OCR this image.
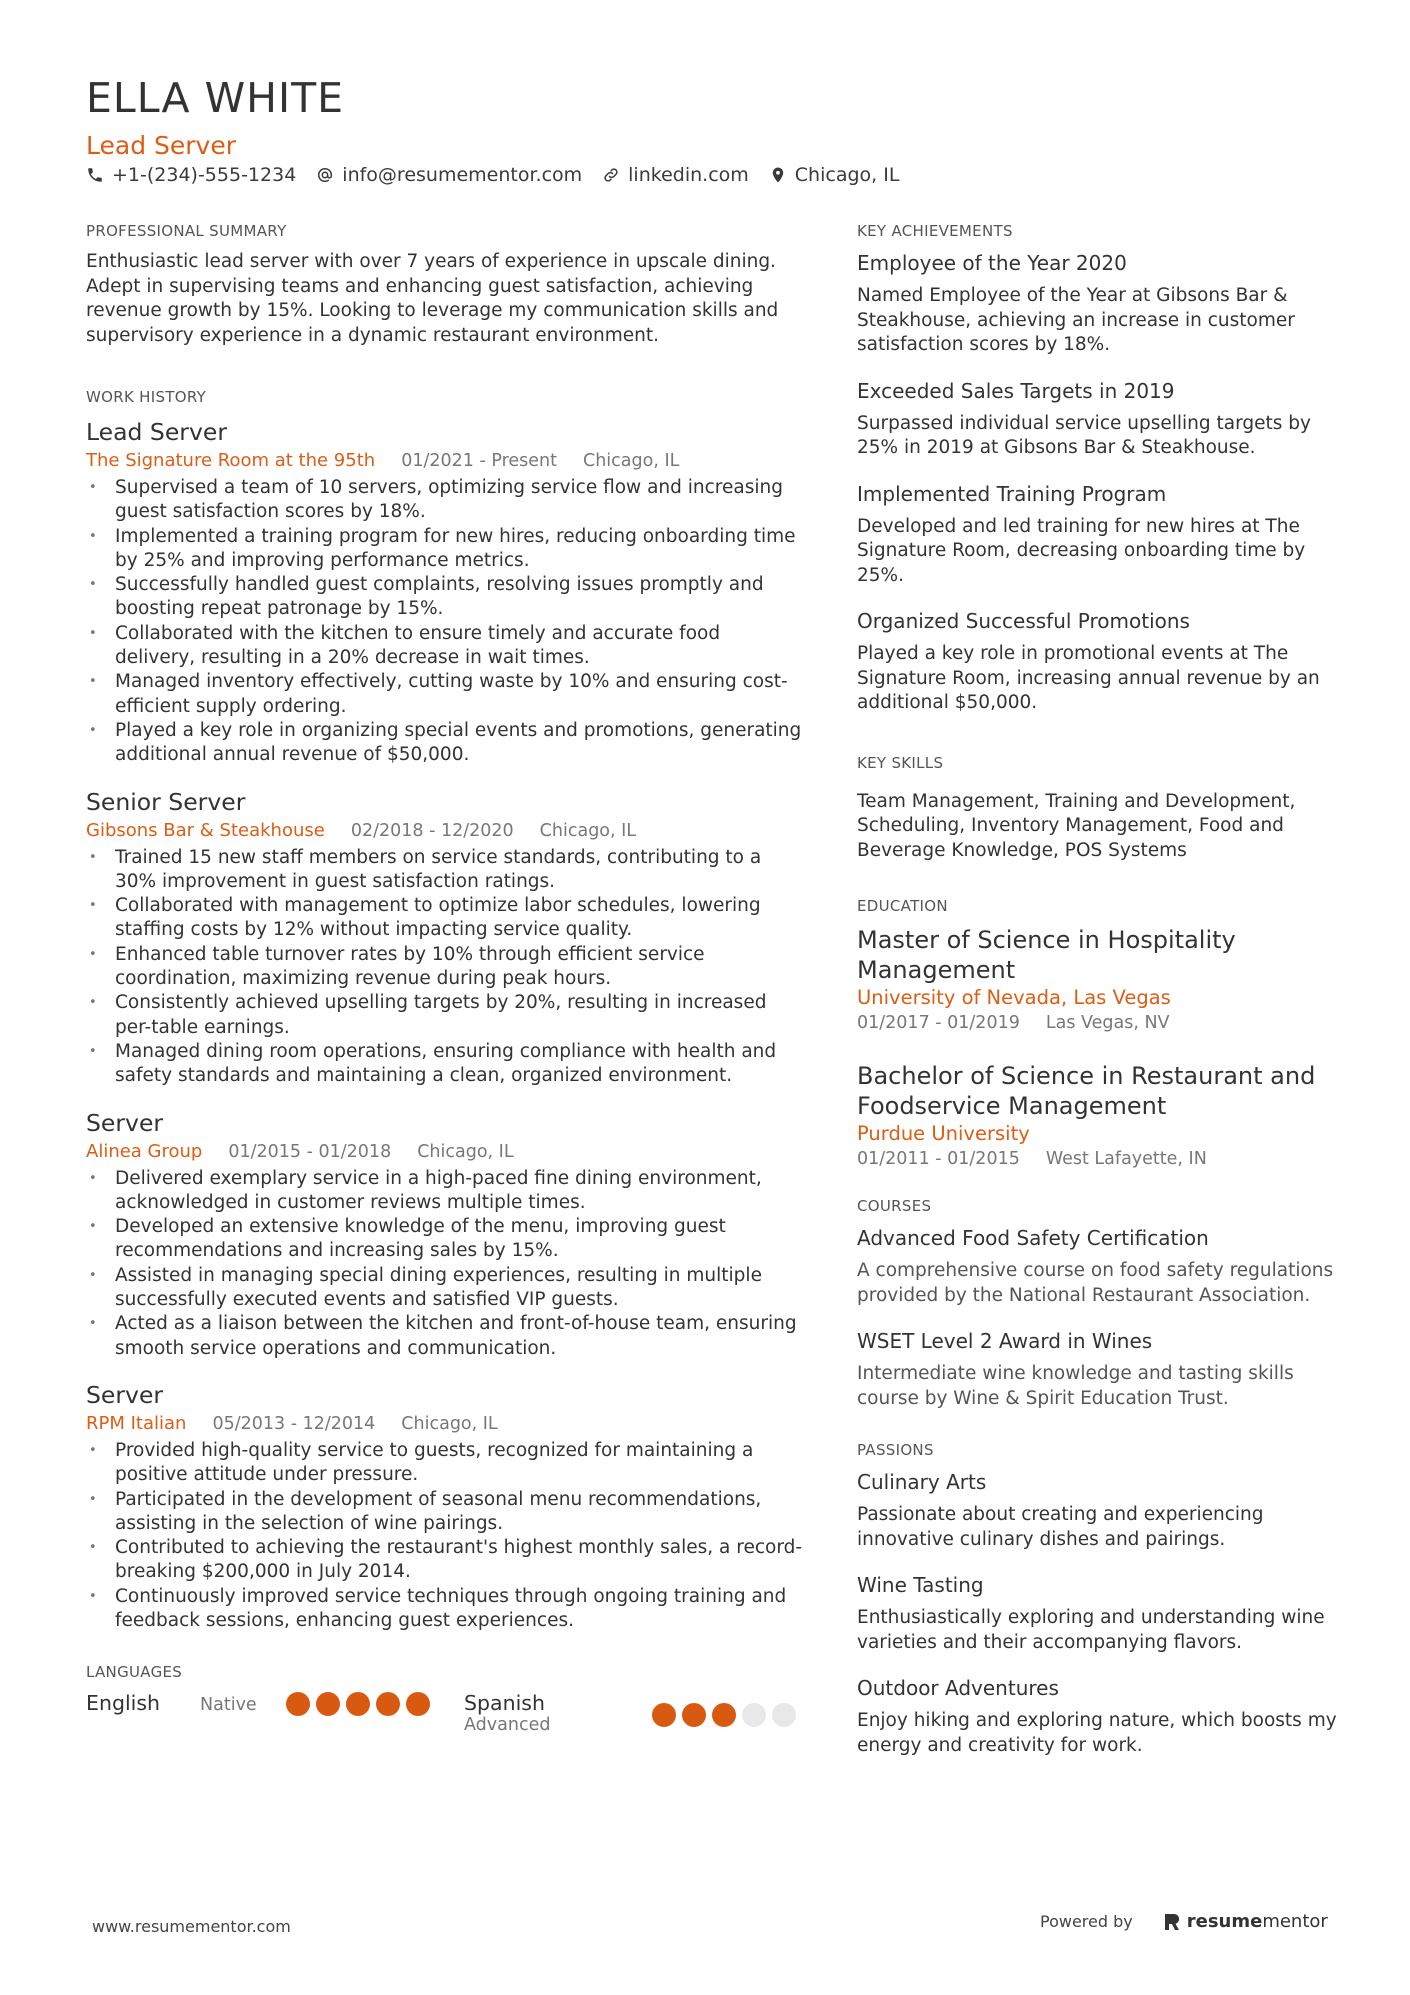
ELLA WHITE
Lead Server
+1-(234)-555-1234 info@resumementor.com linkedin.com Chicago, IL
PROFESSIONAL SUMMARY

Enthusiastic lead server with over 7 years of experience in upscale dining. Adept in supervising teams and enhancing guest satisfaction, achieving revenue growth by 15%. Looking to leverage my communication skills and supervisory experience in a dynamic restaurant environment.

WORK HISTORY
Lead Server
The Signature Room at the 95th 01/2021 - Present Chicago, IL
• Supervised a team of 10 servers, optimizing service flow and increasing guest satisfaction scores by 18%.
• Implemented a training program for new hires, reducing onboarding time by 25% and improving performance metrics.
• Successfully handled guest complaints, resolving issues promptly and boosting repeat patronage by 15%.
• Collaborated with the kitchen to ensure timely and accurate food delivery, resulting in a 20% decrease in wait times.
• Managed inventory effectively, cutting waste by 10% and ensuring cost-efficient supply ordering.
• Played a key role in organizing special events and promotions, generating additional annual revenue of $50,000.
Senior Server
Gibsons Bar & Steakhouse 02/2018 - 12/2020 Chicago, IL
• Trained 15 new staff members on service standards, contributing to a 30% improvement in guest satisfaction ratings.
• Collaborated with management to optimize labor schedules, lowering staffing costs by 12% without impacting service quality.
• Enhanced table turnover rates by 10% through efficient service coordination, maximizing revenue during peak hours.
• Consistently achieved upselling targets by 20%, resulting in increased per-table earnings.
• Managed dining room operations, ensuring compliance with health and safety standards and maintaining a clean, organized environment.
Server
Alinea Group 01/2015 - 01/2018 Chicago, IL
• Delivered exemplary service in a high-paced fine dining environment, acknowledged in customer reviews multiple times.
• Developed an extensive knowledge of the menu, improving guest recommendations and increasing sales by 15%.
• Assisted in managing special dining experiences, resulting in multiple successfully executed events and satisfied VIP guests.
• Acted as a liaison between the kitchen and front-of-house team, ensuring smooth service operations and communication.
Server
RPM Italian 05/2013 - 12/2014 Chicago, IL
• Provided high-quality service to guests, recognized for maintaining a positive attitude under pressure.
• Participated in the development of seasonal menu recommendations, assisting in the selection of wine pairings.
• Contributed to achieving the restaurant's highest monthly sales, a record-breaking $200,000 in July 2014.
• Continuously improved service techniques through ongoing training and feedback sessions, enhancing guest experiences.
LANGUAGES
English Native	Spanish
Advanced
KEY ACHIEVEMENTS
Employee of the Year 2020

Named Employee of the Year at Gibsons Bar & Steakhouse, achieving an increase in customer satisfaction scores by 18%.

Exceeded Sales Targets in 2019

Surpassed individual service upselling targets by 25% in 2019 at Gibsons Bar & Steakhouse.

Implemented Training Program

Developed and led training for new hires at The Signature Room, decreasing onboarding time by 25%.

Organized Successful Promotions

Played a key role in promotional events at The Signature Room, increasing annual revenue by an additional $50,000.

KEY SKILLS

Team Management, Training and Development, Scheduling, Inventory Management, Food and Beverage Knowledge, POS Systems

EDUCATION
Master of Science in Hospitality Management
University of Nevada, Las Vegas
01/2017 - 01/2019 Las Vegas, NV
Bachelor of Science in Restaurant and Foodservice Management
Purdue University
01/2011 - 01/2015 West Lafayette, IN
COURSES
Advanced Food Safety Certification

A comprehensive course on food safety regulations provided by the National Restaurant Association.

WSET Level 2 Award in Wines

Intermediate wine knowledge and tasting skills course by Wine & Spirit Education Trust.

PASSIONS
Culinary Arts

Passionate about creating and experiencing innovative culinary dishes and pairings.

Wine Tasting

Enthusiastically exploring and understanding wine varieties and their accompanying flavors.

Outdoor Adventures

Enjoy hiking and exploring nature, which boosts my energy and creativity for work.

www.resumementor.com	Powered by	resumementor
